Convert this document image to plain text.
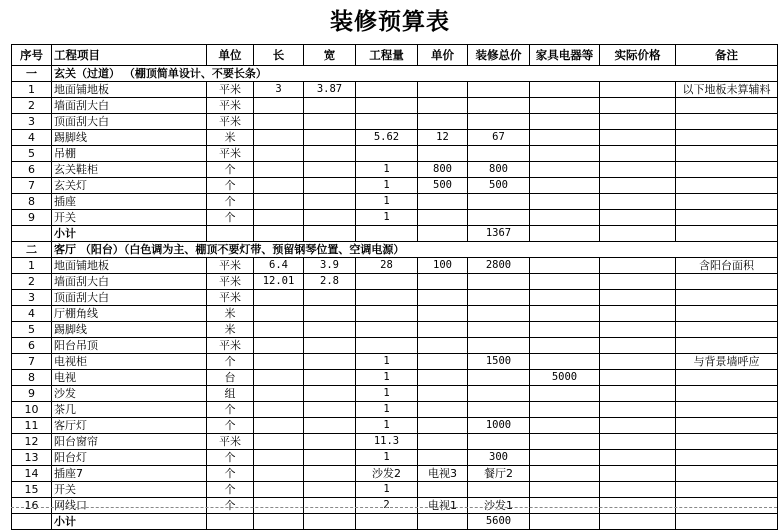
装修预算表
序号	工程项目	单位	长	宽	工程量	单价	装修总价	家具电器等	实际价格	备注
一	玄关（过道） （棚顶简单设计、不要长条）									
1	地面铺地板	平米	3	3.87						以下地板未算辅料
2	墙面刮大白	平米								
3	顶面刮大白	平米								
4	踢脚线	米			5.62	12	67			
5	吊棚	平米								
6	玄关鞋柜	个			1	800	800			
7	玄关灯	个			1	500	500			
8	插座	个			1					
9	开关	个			1					
	小计						1367			
二	客厅 （阳台）（白色调为主、棚顶不要灯带、预留钢琴位置、空调电源）									
1	地面铺地板	平米	6.4	3.9	28	100	2800			含阳台面积
2	墙面刮大白	平米	12.01	2.8						
3	顶面刮大白	平米								
4	厅棚角线	米								
5	踢脚线	米								
6	阳台吊顶	平米								
7	电视柜	个			1		1500			与背景墙呼应
8	电视	台			1			5000		
9	沙发	组			1					
10	茶几	个			1					
11	客厅灯	个			1		1000			
12	阳台窗帘	平米			11.3					
13	阳台灯	个			1		300			
14	插座7	个			沙发2	电视3	餐厅2			
15	开关	个			1					
16	网线口	个			2	电视1	沙发1			
	小计						5600			
